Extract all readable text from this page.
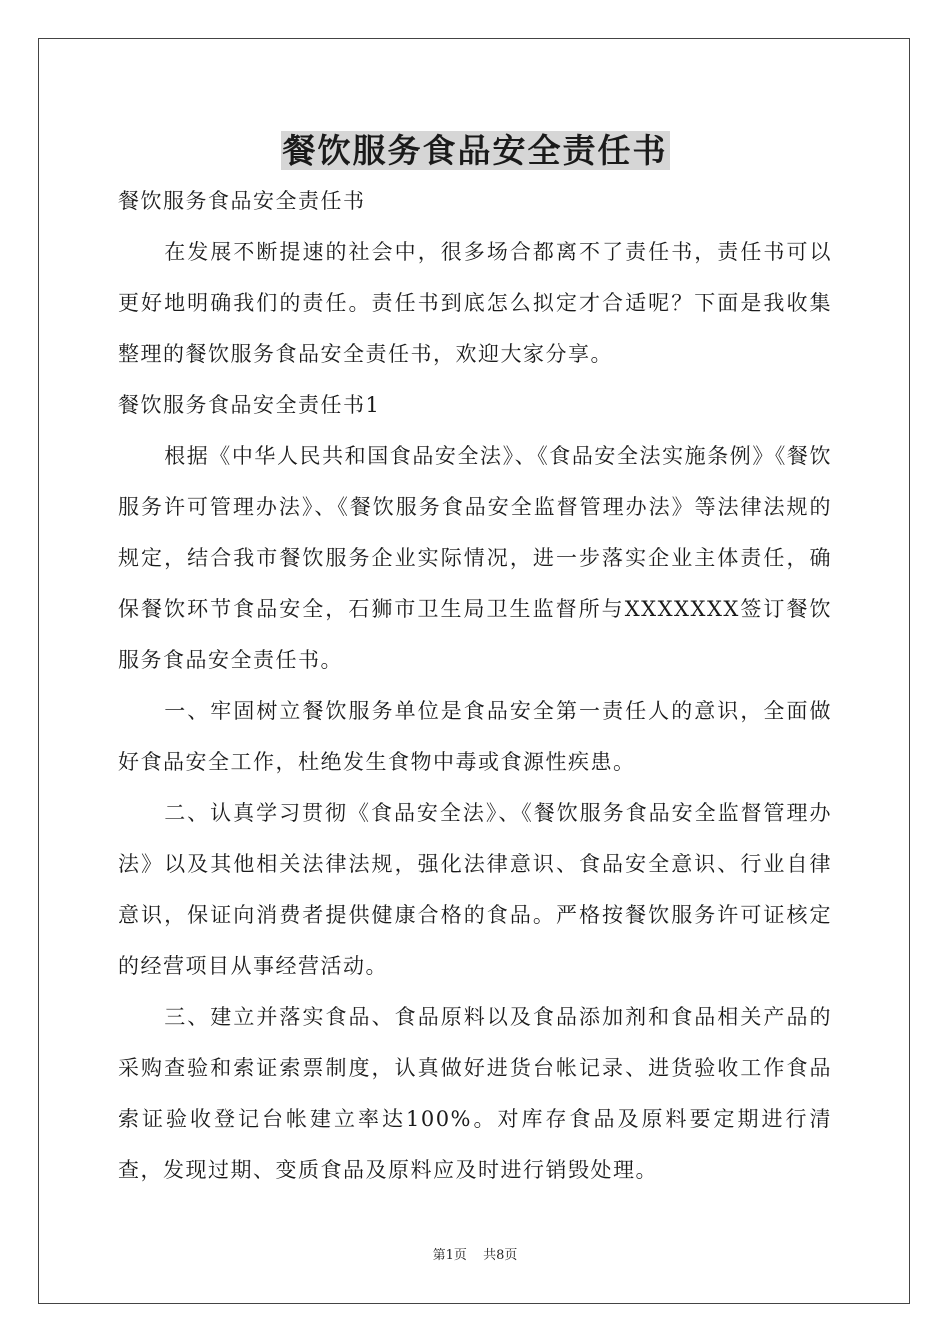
餐饮服务食品安全责任书

餐饮服务食品安全责任书

在发展不断提速的社会中，很多场合都离不了责任书，责任书可以更好地明确我们的责任。责任书到底怎么拟定才合适呢？下面是我收集整理的餐饮服务食品安全责任书，欢迎大家分享。

餐饮服务食品安全责任书1

根据《中华人民共和国食品安全法》、《食品安全法实施条例》《餐饮服务许可管理办法》、《餐饮服务食品安全监督管理办法》等法律法规的规定，结合我市餐饮服务企业实际情况，进一步落实企业主体责任，确保餐饮环节食品安全，石狮市卫生局卫生监督所与XXXXXXX签订餐饮服务食品安全责任书。

一、牢固树立餐饮服务单位是食品安全第一责任人的意识，全面做好食品安全工作，杜绝发生食物中毒或食源性疾患。

二、认真学习贯彻《食品安全法》、《餐饮服务食品安全监督管理办法》以及其他相关法律法规，强化法律意识、食品安全意识、行业自律意识，保证向消费者提供健康合格的食品。严格按餐饮服务许可证核定的经营项目从事经营活动。

三、建立并落实食品、食品原料以及食品添加剂和食品相关产品的采购查验和索证索票制度，认真做好进货台帐记录、进货验收工作食品索证验收登记台帐建立率达100%。对库存食品及原料要定期进行清查，发现过期、变质食品及原料应及时进行销毁处理。

第1页 共8页
